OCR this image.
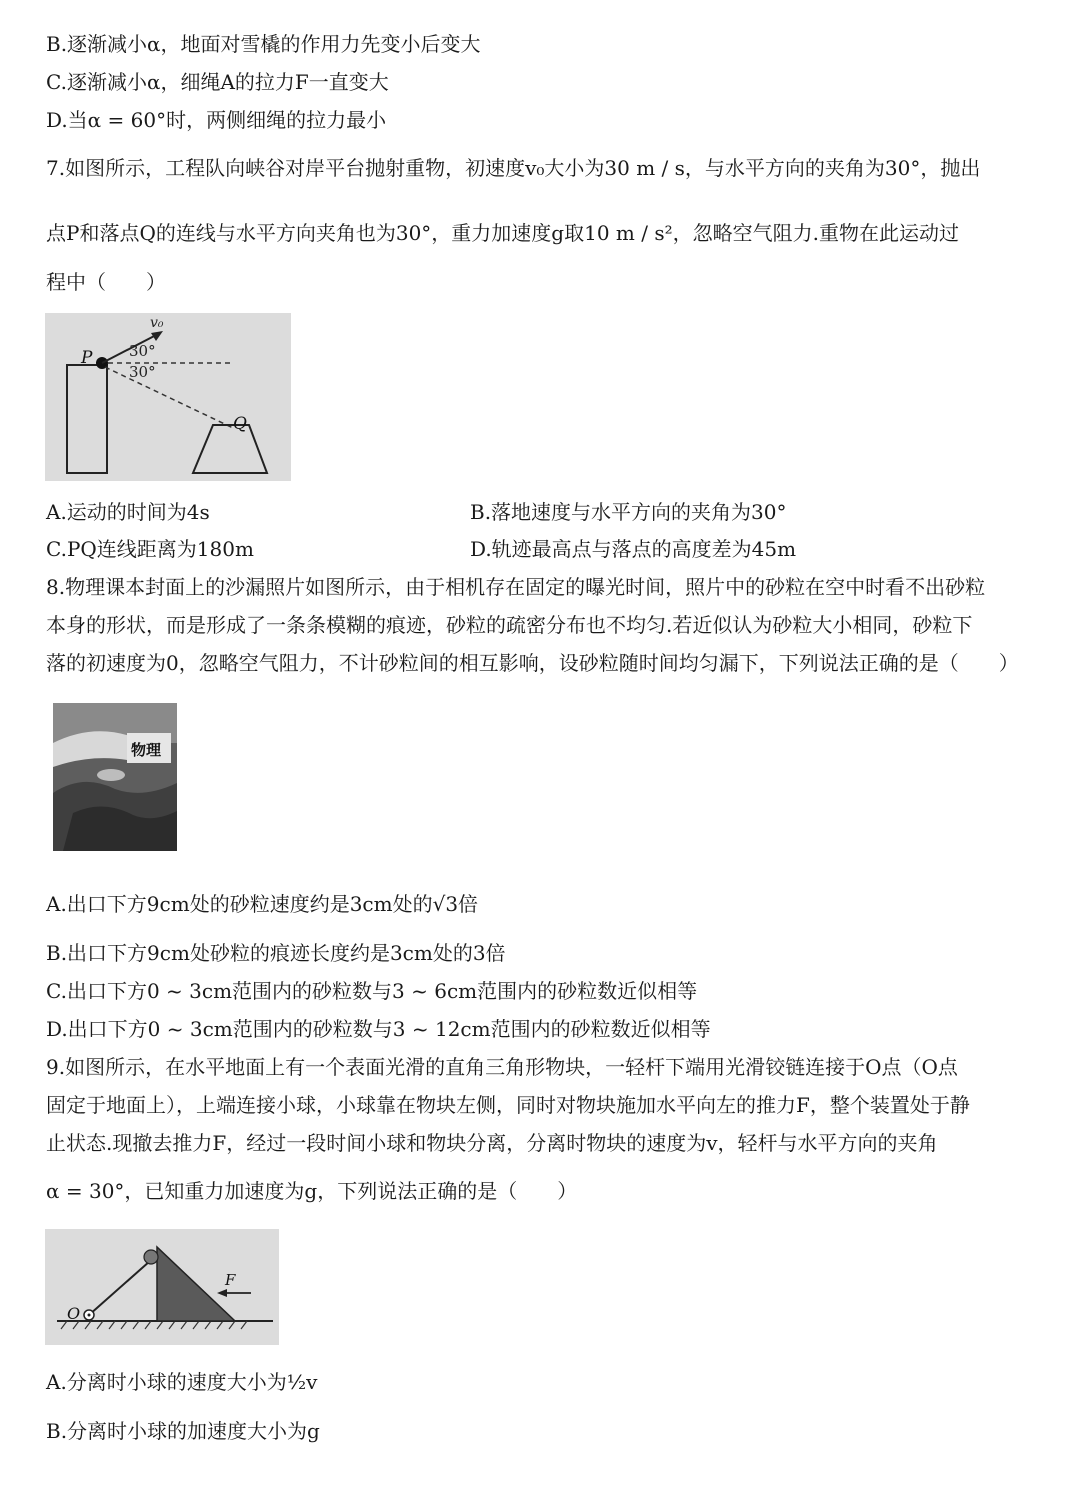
B.逐渐减小α，地面对雪橇的作用力先变小后变大
C.逐渐减小α，细绳A的拉力F一直变大
D.当α = 60°时，两侧细绳的拉力最小
7.如图所示，工程队向峡谷对岸平台抛射重物，初速度v₀大小为30 m / s，与水平方向的夹角为30°，抛出
点P和落点Q的连线与水平方向夹角也为30°，重力加速度g取10 m / s²，忽略空气阻力.重物在此运动过
程中（　　）
v₀
30°
30°
P
Q
A.运动的时间为4s	B.落地速度与水平方向的夹角为30°
C.PQ连线距离为180m	D.轨迹最高点与落点的高度差为45m
8.物理课本封面上的沙漏照片如图所示，由于相机存在固定的曝光时间，照片中的砂粒在空中时看不出砂粒
本身的形状，而是形成了一条条模糊的痕迹，砂粒的疏密分布也不均匀.若近似认为砂粒大小相同，砂粒下
落的初速度为0，忽略空气阻力，不计砂粒间的相互影响，设砂粒随时间均匀漏下，下列说法正确的是（　　）
物理
A.出口下方9cm处的砂粒速度约是3cm处的√3倍
B.出口下方9cm处砂粒的痕迹长度约是3cm处的3倍
C.出口下方0 ~ 3cm范围内的砂粒数与3 ~ 6cm范围内的砂粒数近似相等
D.出口下方0 ~ 3cm范围内的砂粒数与3 ~ 12cm范围内的砂粒数近似相等
9.如图所示，在水平地面上有一个表面光滑的直角三角形物块，一轻杆下端用光滑铰链连接于O点（O点
固定于地面上），上端连接小球，小球靠在物块左侧，同时对物块施加水平向左的推力F，整个装置处于静
止状态.现撤去推力F，经过一段时间小球和物块分离，分离时物块的速度为v，轻杆与水平方向的夹角
α = 30°，已知重力加速度为g，下列说法正确的是（　　）
F
O
A.分离时小球的速度大小为½v
B.分离时小球的加速度大小为g
